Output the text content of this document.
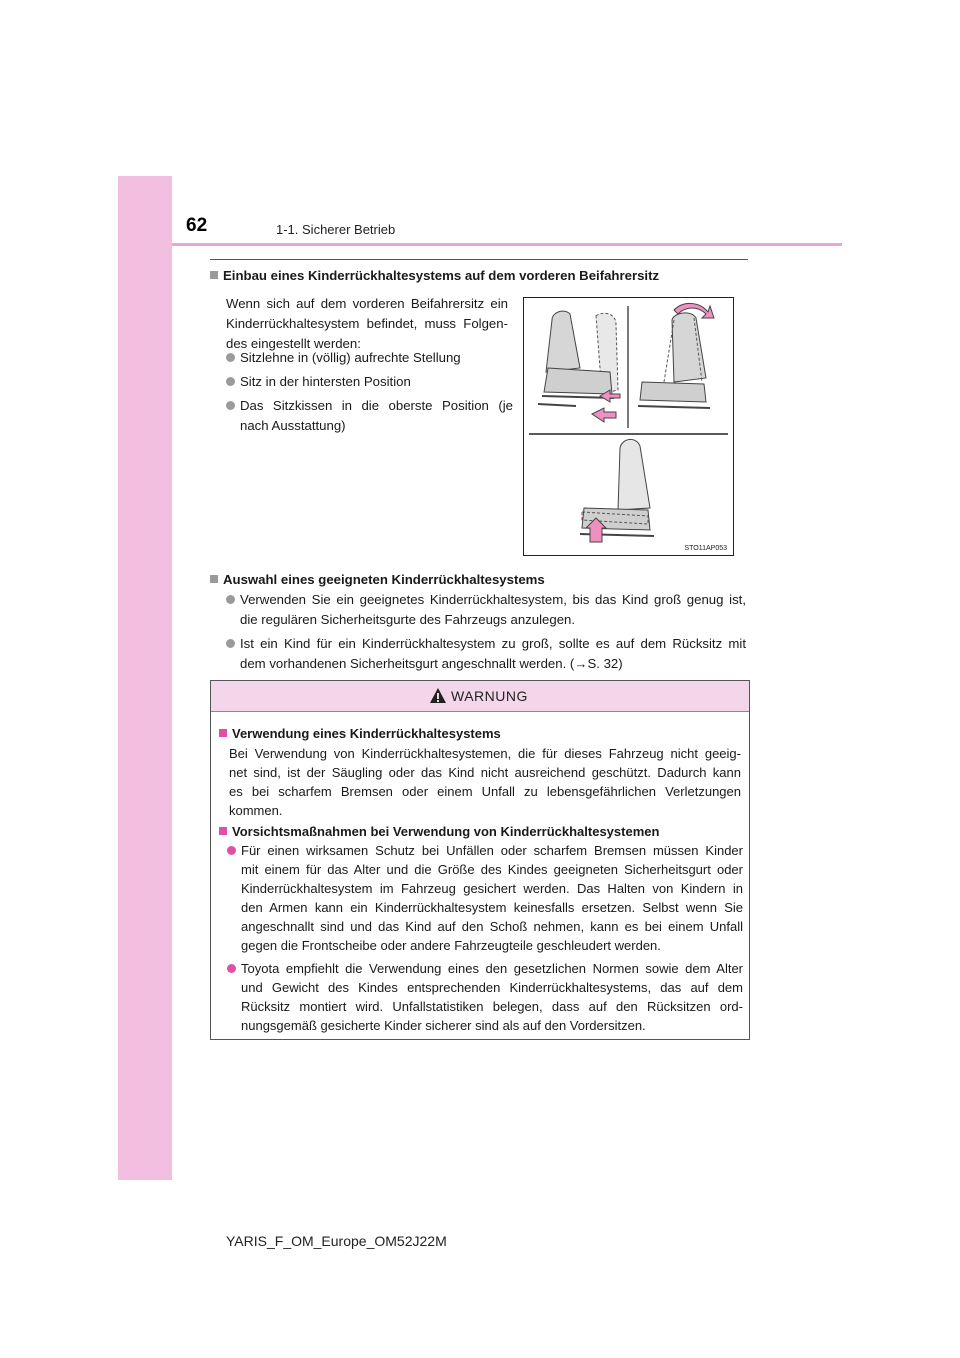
62	1-1. Sicherer Betrieb
Einbau eines Kinderrückhaltesystems auf dem vorderen Beifahrersitz
Wenn sich auf dem vorderen Beifahrersitz ein
Kinderrückhaltesystem befindet, muss Folgen-
des eingestellt werden:
Sitzlehne in (völlig) aufrechte Stellung
Sitz in der hintersten Position
Das Sitzkissen in die oberste Position (je
nach Ausstattung)
STO11AP053
Auswahl eines geeigneten Kinderrückhaltesystems
Verwenden Sie ein geeignetes Kinderrückhaltesystem, bis das Kind groß genug ist,
die regulären Sicherheitsgurte des Fahrzeugs anzulegen.
Ist ein Kind für ein Kinderrückhaltesystem zu groß, sollte es auf dem Rücksitz mit
dem vorhandenen Sicherheitsgurt angeschnallt werden. (→S. 32)
WARNUNG
Verwendung eines Kinderrückhaltesystems
Bei Verwendung von Kinderrückhaltesystemen, die für dieses Fahrzeug nicht geeig-
net sind, ist der Säugling oder das Kind nicht ausreichend geschützt. Dadurch kann
es bei scharfem Bremsen oder einem Unfall zu lebensgefährlichen Verletzungen
kommen.
Vorsichtsmaßnahmen bei Verwendung von Kinderrückhaltesystemen
Für einen wirksamen Schutz bei Unfällen oder scharfem Bremsen müssen Kinder
mit einem für das Alter und die Größe des Kindes geeigneten Sicherheitsgurt oder
Kinderrückhaltesystem im Fahrzeug gesichert werden. Das Halten von Kindern in
den Armen kann ein Kinderrückhaltesystem keinesfalls ersetzen. Selbst wenn Sie
angeschnallt sind und das Kind auf den Schoß nehmen, kann es bei einem Unfall
gegen die Frontscheibe oder andere Fahrzeugteile geschleudert werden.
Toyota empfiehlt die Verwendung eines den gesetzlichen Normen sowie dem Alter
und Gewicht des Kindes entsprechenden Kinderrückhaltesystems, das auf dem
Rücksitz montiert wird. Unfallstatistiken belegen, dass auf den Rücksitzen ord-
nungsgemäß gesicherte Kinder sicherer sind als auf den Vordersitzen.
YARIS_F_OM_Europe_OM52J22M
